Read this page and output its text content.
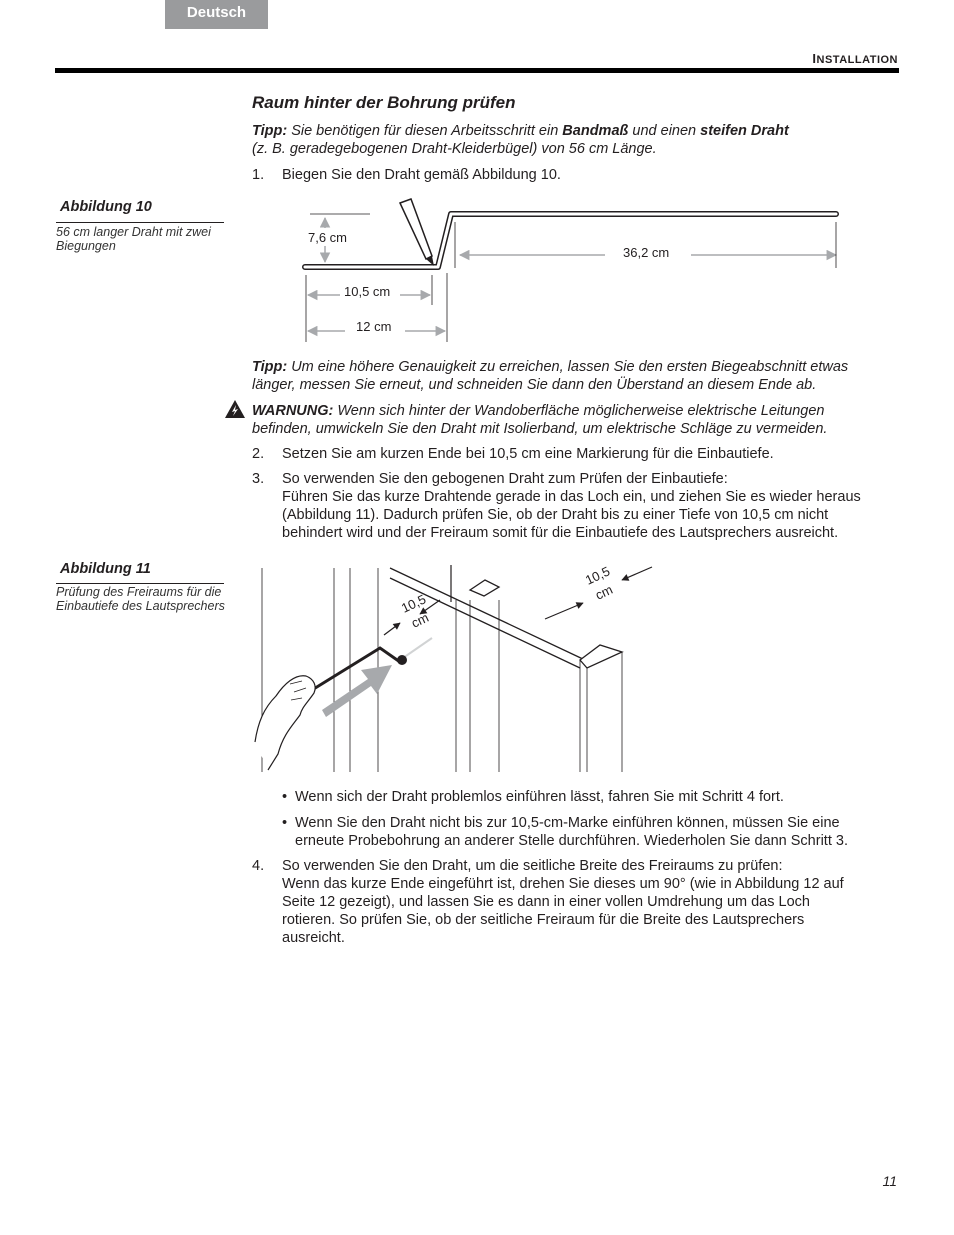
Deutsch
INSTALLATION
Raum hinter der Bohrung prüfen
Tipp: Sie benötigen für diesen Arbeitsschritt ein Bandmaß und einen steifen Draht
(z. B. geradegebogenen Draht-Kleiderbügel) von 56 cm Länge.
1. Biegen Sie den Draht gemäß Abbildung 10.
Abbildung 10
56 cm langer Draht mit zwei Biegungen
7,6 cm
36,2 cm
10,5 cm
12 cm
Tipp: Um eine höhere Genauigkeit zu erreichen, lassen Sie den ersten Biegeabschnitt etwas
länger, messen Sie erneut, und schneiden Sie dann den Überstand an diesem Ende ab.
WARNUNG: Wenn sich hinter der Wandoberfläche möglicherweise elektrische Leitungen
befinden, umwickeln Sie den Draht mit Isolierband, um elektrische Schläge zu vermeiden.
2. Setzen Sie am kurzen Ende bei 10,5 cm eine Markierung für die Einbautiefe.
3. So verwenden Sie den gebogenen Draht zum Prüfen der Einbautiefe:
Führen Sie das kurze Drahtende gerade in das Loch ein, und ziehen Sie es wieder heraus
(Abbildung 11). Dadurch prüfen Sie, ob der Draht bis zu einer Tiefe von 10,5 cm nicht
behindert wird und der Freiraum somit für die Einbautiefe des Lautsprechers ausreicht.
Abbildung 11
Prüfung des Freiraums für die Einbautiefe des Lautsprechers	10,5
cm
10,5
cm
• Wenn sich der Draht problemlos einführen lässt, fahren Sie mit Schritt 4 fort.
• Wenn Sie den Draht nicht bis zur 10,5-cm-Marke einführen können, müssen Sie eine
erneute Probebohrung an anderer Stelle durchführen. Wiederholen Sie dann Schritt 3.
4. So verwenden Sie den Draht, um die seitliche Breite des Freiraums zu prüfen:
Wenn das kurze Ende eingeführt ist, drehen Sie dieses um 90° (wie in Abbildung 12 auf
Seite 12 gezeigt), und lassen Sie es dann in einer vollen Umdrehung um das Loch
rotieren. So prüfen Sie, ob der seitliche Freiraum für die Breite des Lautsprechers
ausreicht.
11
